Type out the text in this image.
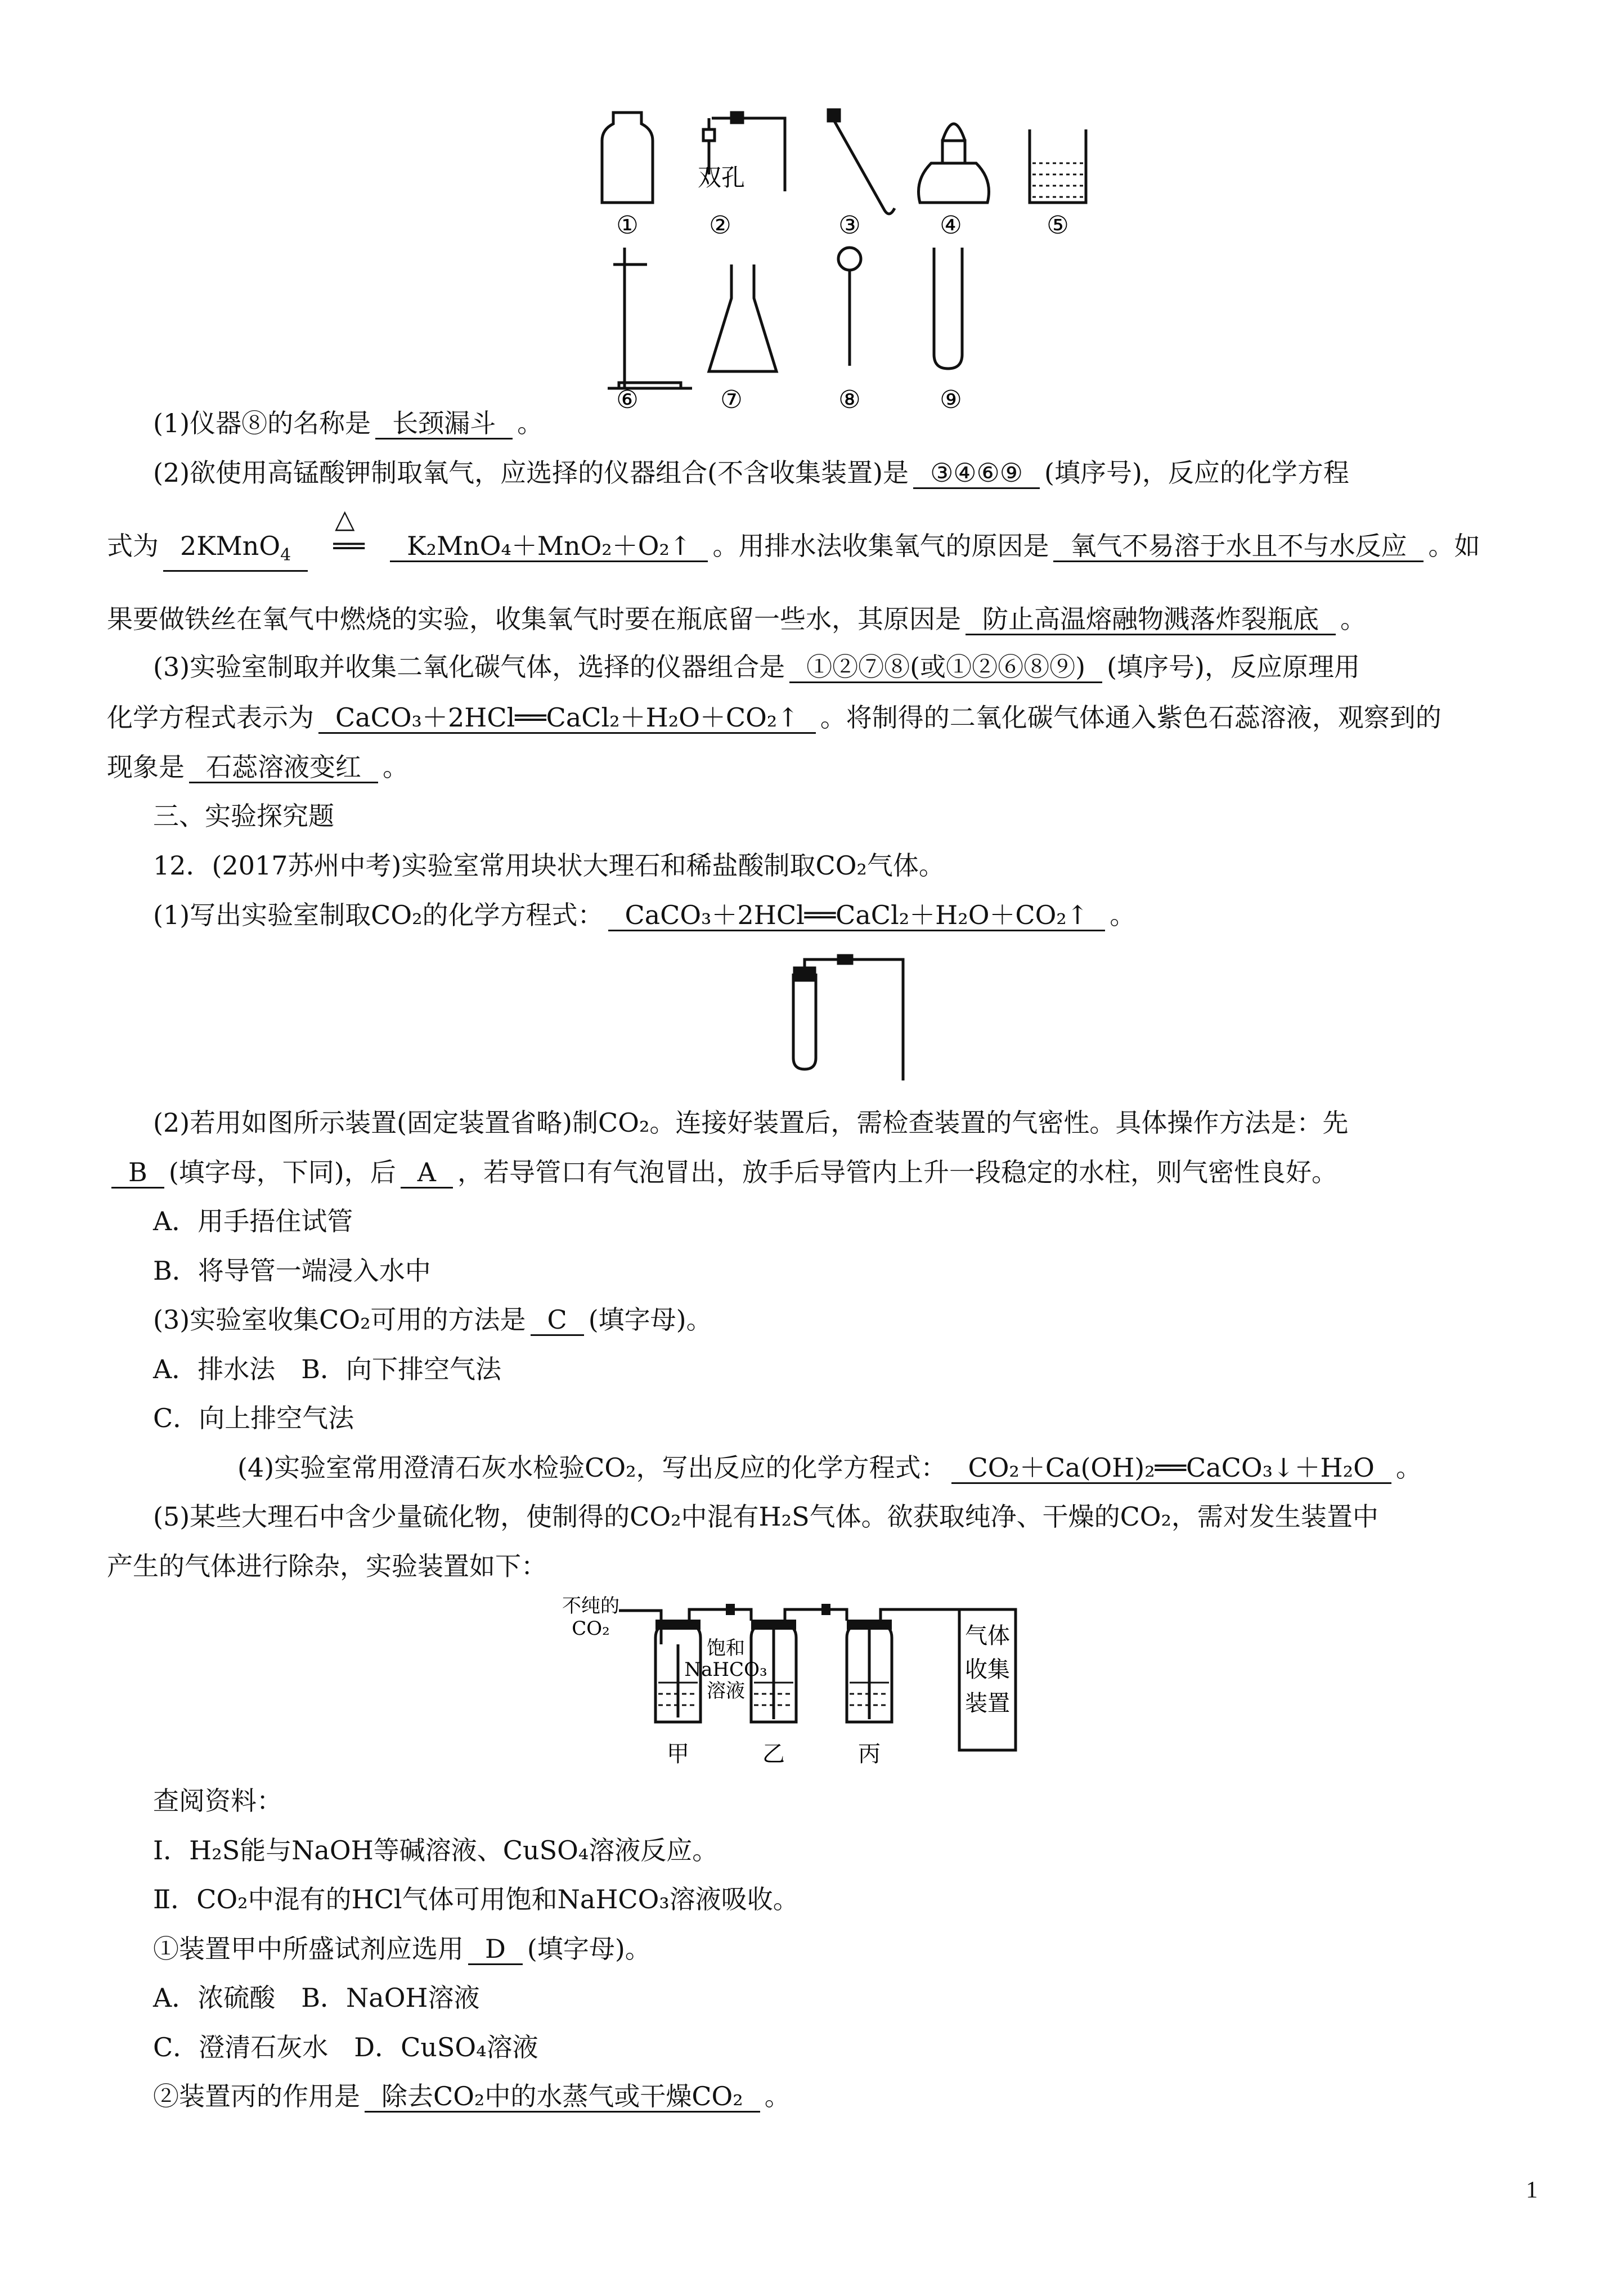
双孔
①	②	③	④	⑤
⑥	⑦	⑧	⑨
(1)仪器⑧的名称是 长颈漏斗 。
(2)欲使用高锰酸钾制取氧气，应选择的仪器组合(不含收集装置)是 ③④⑥⑨ (填序号)，反应的化学方程
式为 2KMnO$_4$
△
══ K₂MnO₄＋MnO₂＋O₂↑ 。用排水法收集氧气的原因是 氧气不易溶于水且不与水反应 。如
果要做铁丝在氧气中燃烧的实验，收集氧气时要在瓶底留一些水，其原因是 防止高温熔融物溅落炸裂瓶底 。
(3)实验室制取并收集二氧化碳气体，选择的仪器组合是 ①②⑦⑧(或①②⑥⑧⑨) (填序号)，反应原理用
化学方程式表示为 CaCO₃＋2HCl══CaCl₂＋H₂O＋CO₂↑ 。将制得的二氧化碳气体通入紫色石蕊溶液，观察到的
现象是 石蕊溶液变红 。
三、实验探究题
12．(2017苏州中考)实验室常用块状大理石和稀盐酸制取CO₂气体。
(1)写出实验室制取CO₂的化学方程式： CaCO₃＋2HCl══CaCl₂＋H₂O＋CO₂↑ 。
(2)若用如图所示装置(固定装置省略)制CO₂。连接好装置后，需检查装置的气密性。具体操作方法是：先
B (填字母，下同)，后 A ，若导管口有气泡冒出，放手后导管内上升一段稳定的水柱，则气密性良好。
A．用手捂住试管
B．将导管一端浸入水中
(3)实验室收集CO₂可用的方法是 C (填字母)。
A．排水法　B．向下排空气法
C．向上排空气法
(4)实验室常用澄清石灰水检验CO₂，写出反应的化学方程式： CO₂＋Ca(OH)₂══CaCO₃↓＋H₂O 。
(5)某些大理石中含少量硫化物，使制得的CO₂中混有H₂S气体。欲获取纯净、干燥的CO₂，需对发生装置中
产生的气体进行除杂，实验装置如下：
不纯的
CO₂
饱和
NaHCO₃
溶液
甲	乙	丙
气体
收集
装置
查阅资料：
Ⅰ．H₂S能与NaOH等碱溶液、CuSO₄溶液反应。
Ⅱ．CO₂中混有的HCl气体可用饱和NaHCO₃溶液吸收。
①装置甲中所盛试剂应选用 D (填字母)。
A．浓硫酸　B．NaOH溶液
C．澄清石灰水　D．CuSO₄溶液
②装置丙的作用是 除去CO₂中的水蒸气或干燥CO₂ 。
1
